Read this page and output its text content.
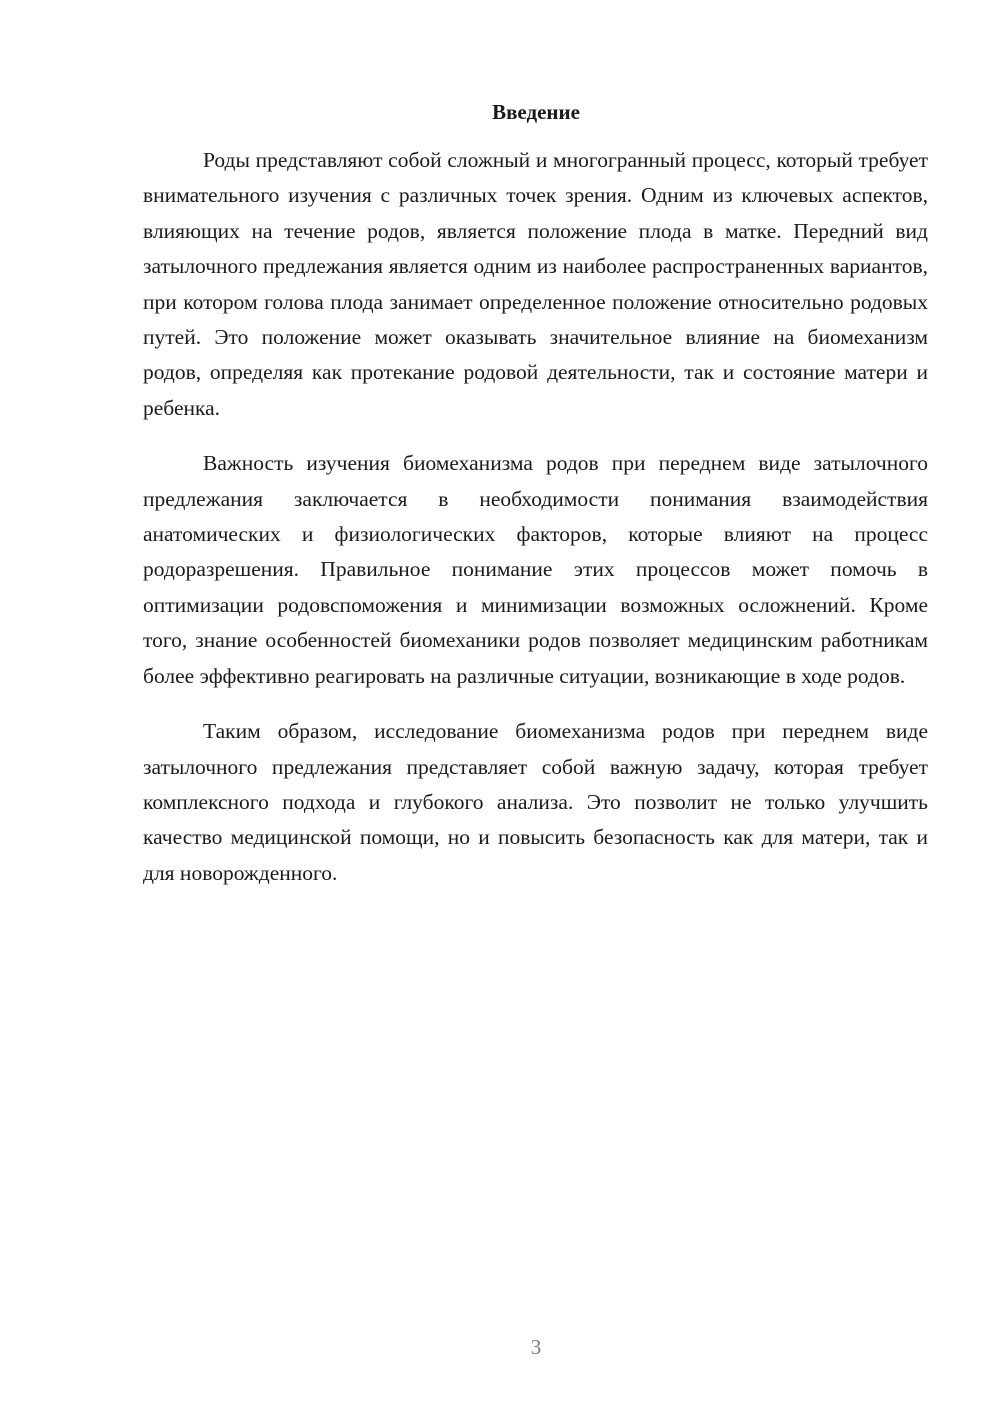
Введение

Роды представляют собой сложный и многогранный процесс, который требует внимательного изучения с различных точек зрения. Одним из ключевых аспектов, влияющих на течение родов, является положение плода в матке. Передний вид затылочного предлежания является одним из наиболее распространенных вариантов, при котором голова плода занимает определенное положение относительно родовых путей. Это положение может оказывать значительное влияние на биомеханизм родов, определяя как протекание родовой деятельности, так и состояние матери и ребенка.

Важность изучения биомеханизма родов при переднем виде затылочного предлежания заключается в необходимости понимания взаимодействия анатомических и физиологических факторов, которые влияют на процесс родоразрешения. Правильное понимание этих процессов может помочь в оптимизации родовспоможения и минимизации возможных осложнений. Кроме того, знание особенностей биомеханики родов позволяет медицинским работникам более эффективно реагировать на различные ситуации, возникающие в ходе родов.

Таким образом, исследование биомеханизма родов при переднем виде затылочного предлежания представляет собой важную задачу, которая требует комплексного подхода и глубокого анализа. Это позволит не только улучшить качество медицинской помощи, но и повысить безопасность как для матери, так и для новорожденного.

3
